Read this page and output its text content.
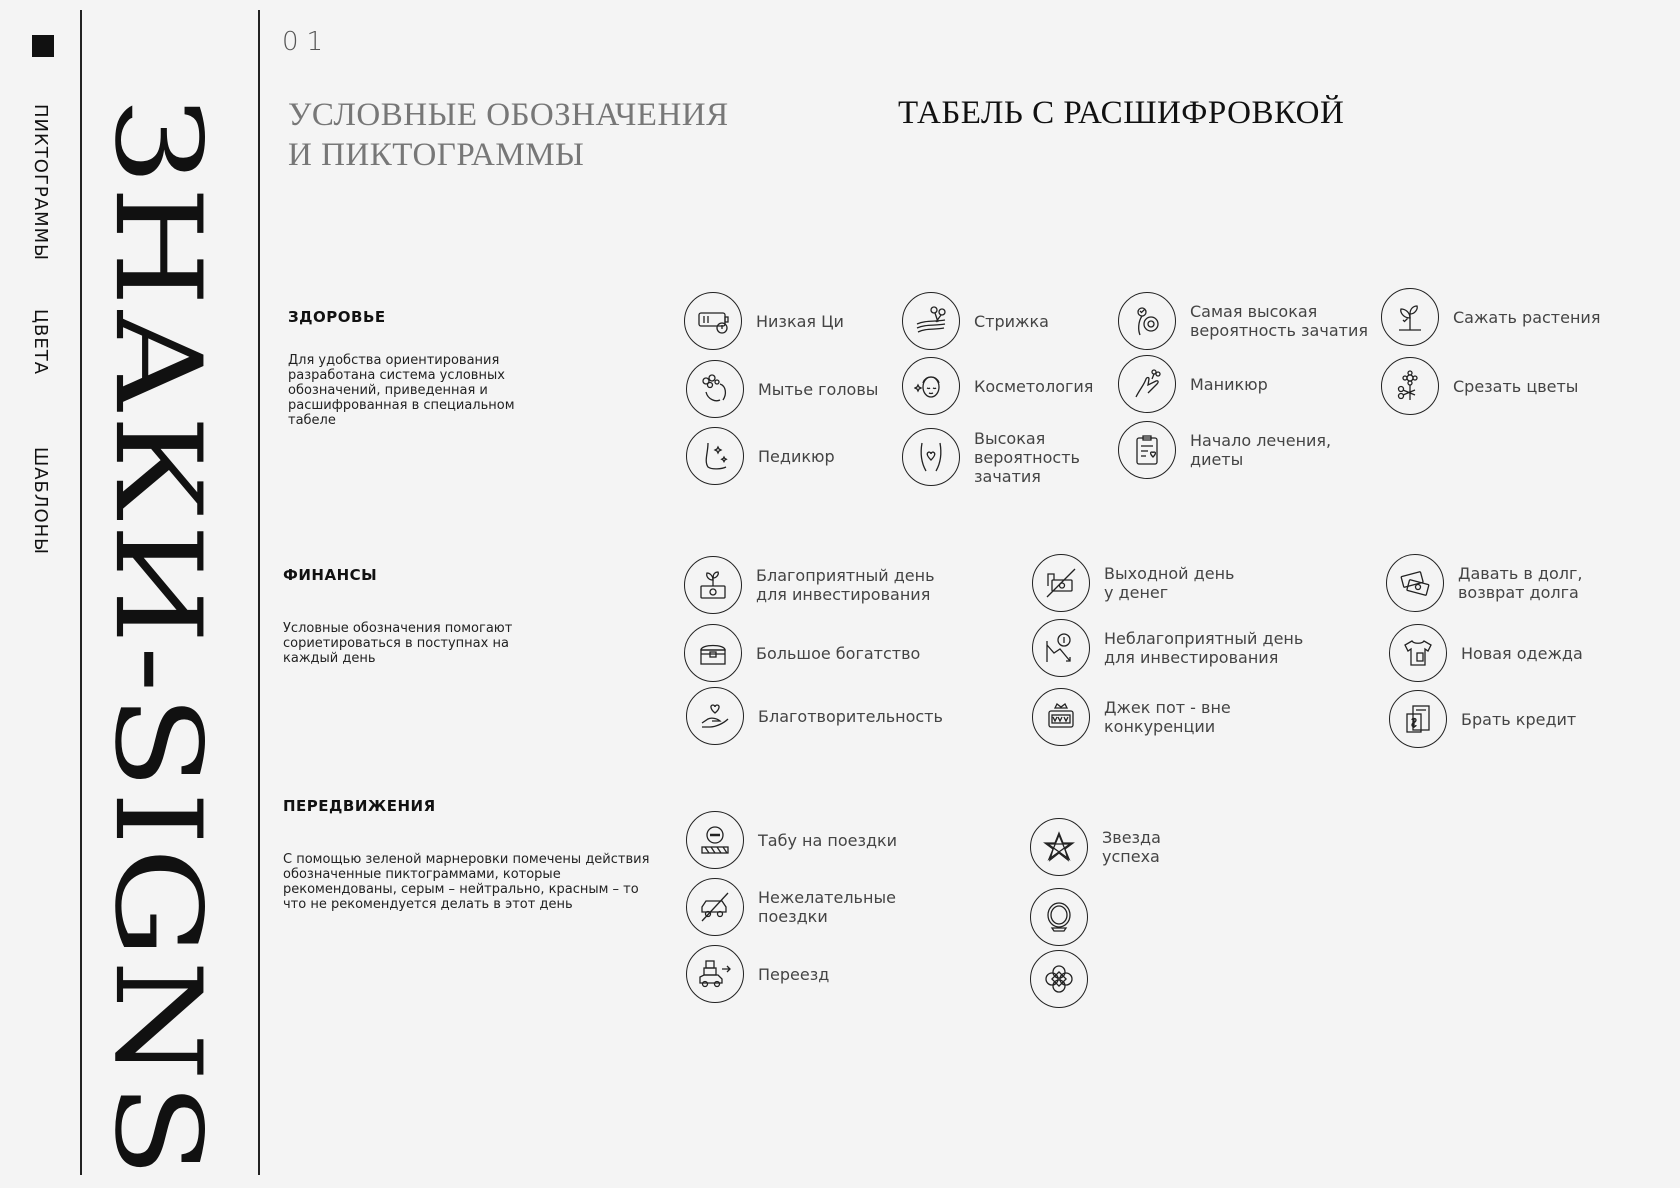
ПИКТОГРАММЫЦВЕТАШАБЛОНЫ ЗНАКИ-SIGNS
01
УСЛОВНЫЕ ОБОЗНАЧЕНИЯ
И ПИКТОГРАММЫ
ТАБЕЛЬ С РАСШИФРОВКОЙ
ЗДОРОВЬЕ
Для удобства ориентирования разработана система условных обозначений, приведенная и расшифрованная в специальном табеле
Низкая Ци
Мытье головы
Педикюр
Стрижка
Косметология
Высокая
вероятность
зачатия
Самая высокая
вероятность зачатия
Маникюр
Начало лечения,
диеты
Сажать растения
Срезать цветы
ФИНАНСЫ
Условные обозначения помогают сориетироваться в поступнах на каждый день
Благоприятный день
для инвестирования
Большое богатство
Благотворительность
Выходной день
у денег
Неблагоприятный день
для инвестирования
Джек пот - вне
конкуренции
Давать в долг,
возврат долга
Новая одежда
Брать кредит
ПЕРЕДВИЖЕНИЯ
С помощью зеленой марнеровки помечены действия обозначенные пиктограммами, которые рекомендованы, серым – нейтрально, красным – то что не рекомендуется делать в этот день
Табу на поездки
Нежелательные
поездки
Переезд
Звезда
успеха
